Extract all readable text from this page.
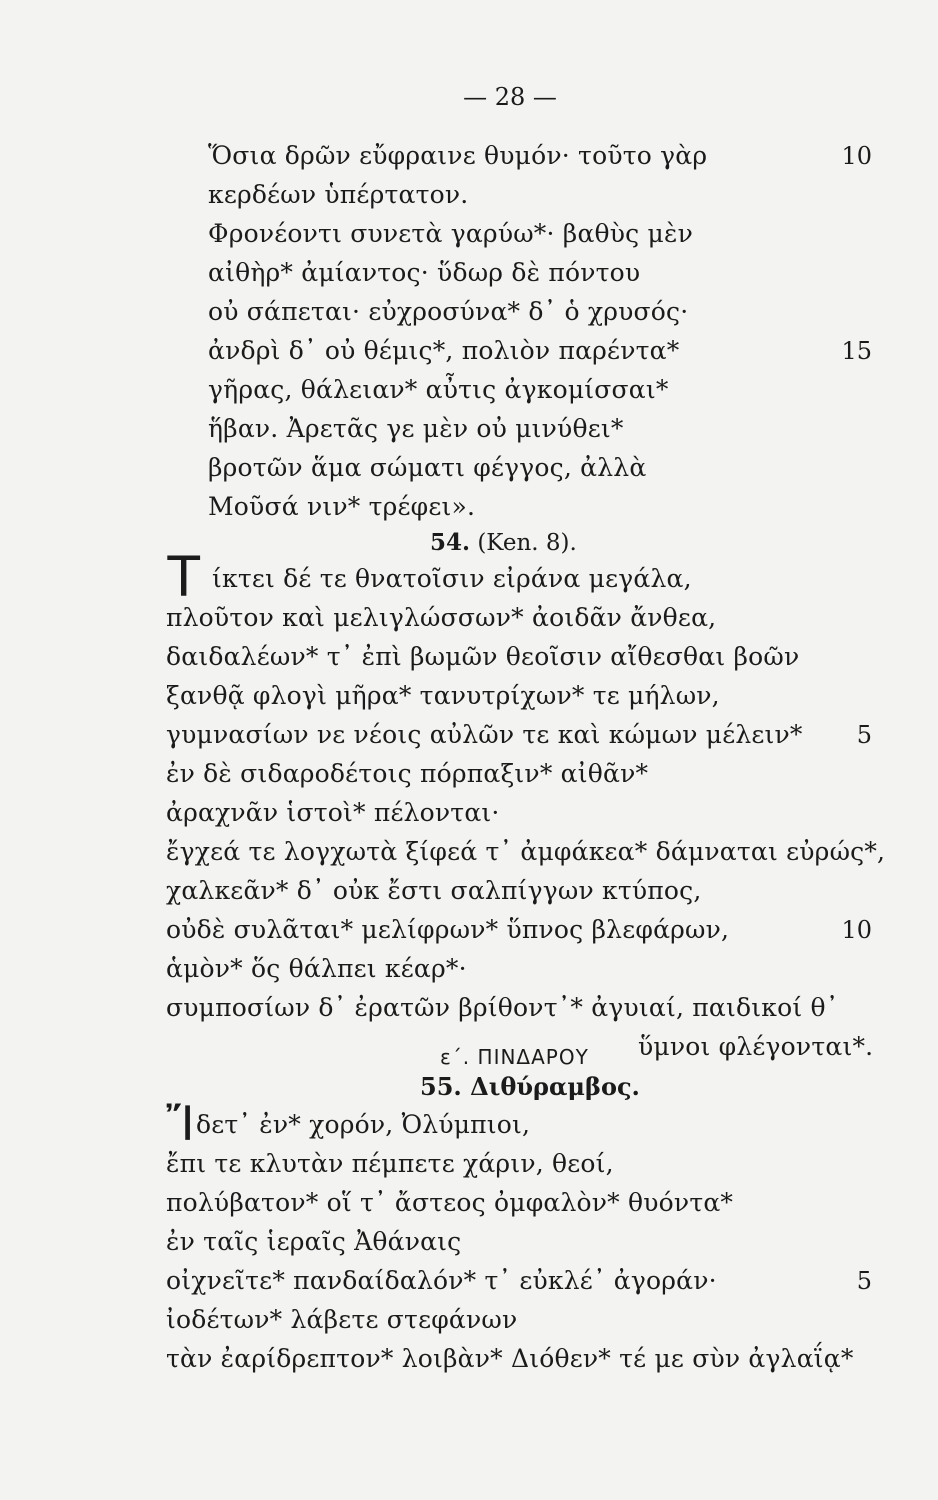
— 28 —
Ὅσια δρῶν εὔφραινε θυμόν· τοῦτο γὰρ	10
κερδέων ὑπέρτατον.
Φρονέοντι συνετὰ γαρύω*· βαθὺς μὲν
αἰθὴρ* ἀμίαντος· ὕδωρ δὲ πόντου
οὐ σάπεται· εὐχροσύνα* δ᾽ ὁ χρυσός·
ἀνδρὶ δ᾽ οὐ θέμις*, πολιὸν παρέντα*	15
γῆρας, θάλειαν* αὖτις ἀγκομίσσαι*
ἥβαν. Ἀρετᾶς γε μὲν οὐ μινύθει*
βροτῶν ἅμα σώματι φέγγος, ἀλλὰ
Μοῦσά νιν* τρέφει».
54. (Ken. 8).
Τ ίκτει δέ τε θνατοῖσιν εἰράνα μεγάλα,
πλοῦτον καὶ μελιγλώσσων* ἀοιδᾶν ἄνθεα,
δαιδαλέων* τ᾽ ἐπὶ βωμῶν θεοῖσιν αἴθεσθαι βοῶν
ξανθᾷ φλογὶ μῆρα* τανυτρίχων* τε μήλων,
γυμνασίων νε νέοις αὐλῶν τε καὶ κώμων μέλειν*	5
ἐν δὲ σιδαροδέτοις πόρπαξιν* αἰθᾶν*
ἀραχνᾶν ἱστοὶ* πέλονται·
ἔγχεά τε λογχωτὰ ξίφεά τ᾽ ἀμφάκεα* δάμναται εὐρώς*,
χαλκεᾶν* δ᾽ οὐκ ἔστι σαλπίγγων κτύπος,
οὐδὲ συλᾶται* μελίφρων* ὕπνος βλεφάρων,	10
ἁμὸν* ὅς θάλπει κέαρ*·
συμποσίων δ᾽ ἐρατῶν βρίθοντ᾽* ἀγυιαί, παιδικοί θ᾽
ὕμνοι φλέγονται*.
ε΄. ΠΙΝΔΑΡΟΥ
55. Διθύραμβος.
Ἴ δετ᾽ ἐν* χορόν, Ὀλύμπιοι,
ἔπι τε κλυτὰν πέμπετε χάριν, θεοί,
πολύβατον* οἵ τ᾽ ἄστεος ὀμφαλὸν* θυόντα*
ἐν ταῖς ἱεραῖς Ἀθάναις
οἰχνεῖτε* πανδαίδαλόν* τ᾽ εὐκλέ᾽ ἀγοράν·	5
ἰοδέτων* λάβετε στεφάνων
τὰν ἐαρίδρεπτον* λοιβὰν* Διόθεν* τέ με σὺν ἀγλαΐᾳ*
